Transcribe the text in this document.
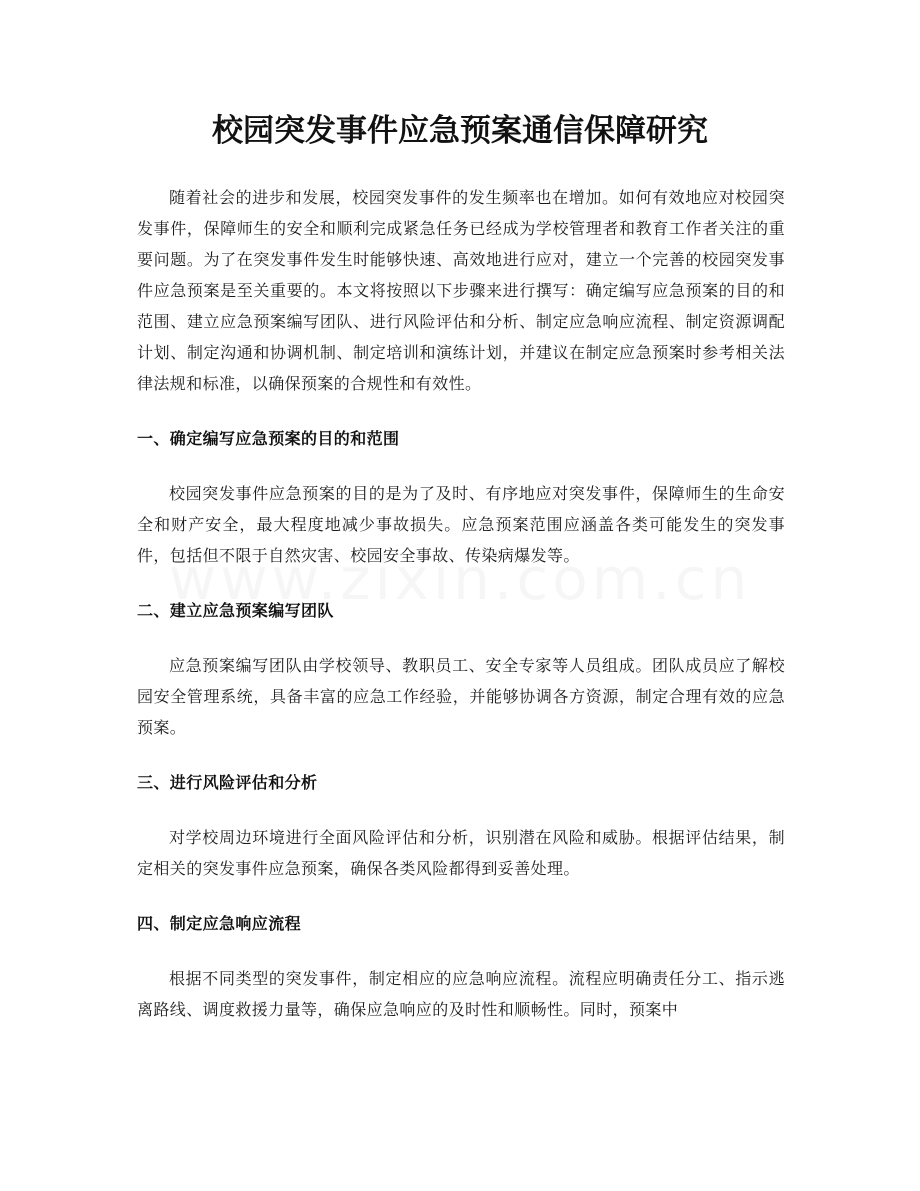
校园突发事件应急预案通信保障研究

随着社会的进步和发展，校园突发事件的发生频率也在增加。如何有效地应对校园突发事件，保障师生的安全和顺利完成紧急任务已经成为学校管理者和教育工作者关注的重要问题。为了在突发事件发生时能够快速、高效地进行应对，建立一个完善的校园突发事件应急预案是至关重要的。本文将按照以下步骤来进行撰写：确定编写应急预案的目的和范围、建立应急预案编写团队、进行风险评估和分析、制定应急响应流程、制定资源调配计划、制定沟通和协调机制、制定培训和演练计划，并建议在制定应急预案时参考相关法律法规和标准，以确保预案的合规性和有效性。

一、确定编写应急预案的目的和范围

校园突发事件应急预案的目的是为了及时、有序地应对突发事件，保障师生的生命安全和财产安全，最大程度地减少事故损失。应急预案范围应涵盖各类可能发生的突发事件，包括但不限于自然灾害、校园安全事故、传染病爆发等。

二、建立应急预案编写团队

应急预案编写团队由学校领导、教职员工、安全专家等人员组成。团队成员应了解校园安全管理系统，具备丰富的应急工作经验，并能够协调各方资源，制定合理有效的应急预案。

三、进行风险评估和分析

对学校周边环境进行全面风险评估和分析，识别潜在风险和威胁。根据评估结果，制定相关的突发事件应急预案，确保各类风险都得到妥善处理。

四、制定应急响应流程

根据不同类型的突发事件，制定相应的应急响应流程。流程应明确责任分工、指示逃离路线、调度救援力量等，确保应急响应的及时性和顺畅性。同时，预案中
